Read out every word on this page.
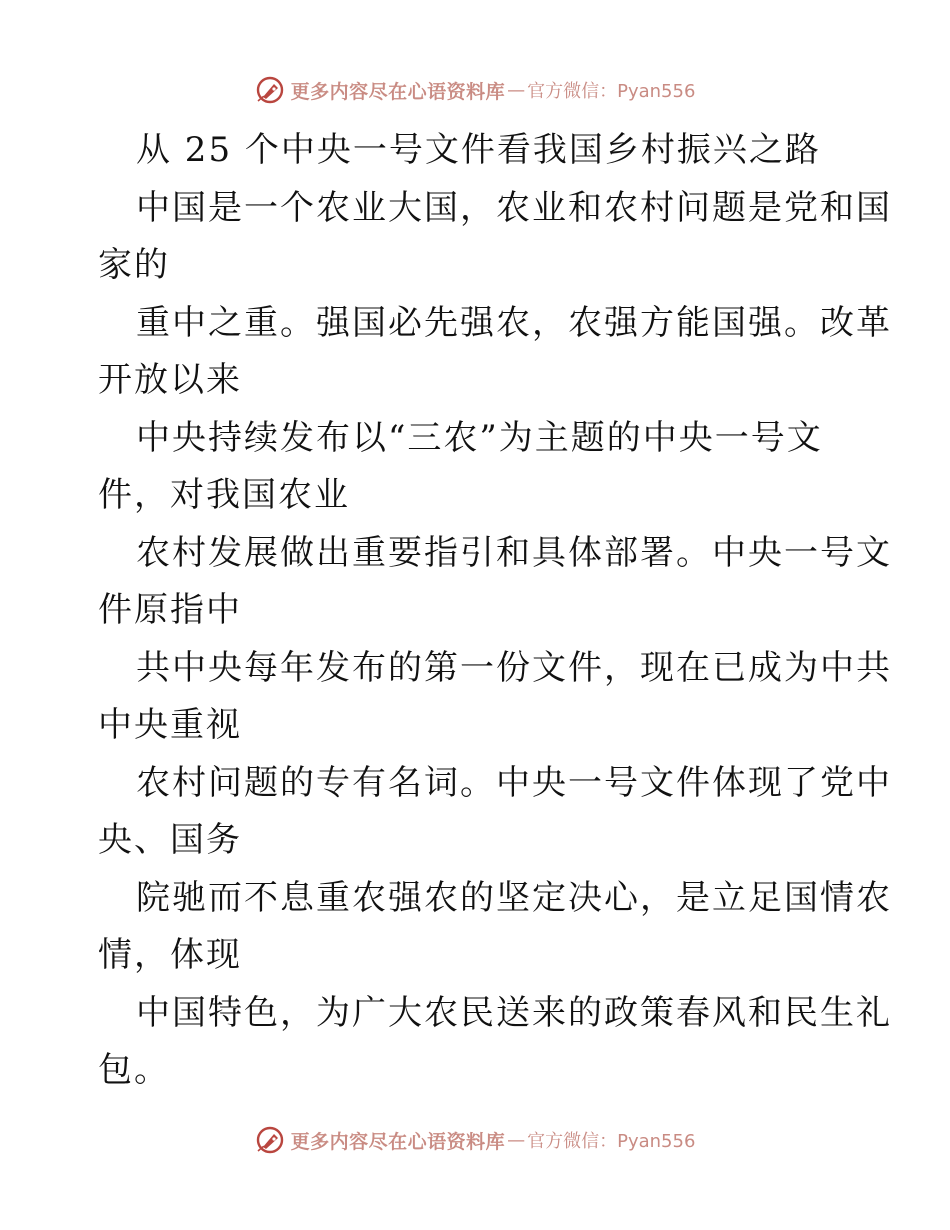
更多内容尽在心语资料库 — 官方微信：Pyan556
从 25 个中央一号文件看我国乡村振兴之路
中国是一个农业大国，农业和农村问题是党和国
家的
重中之重。强国必先强农，农强方能国强。改革
开放以来
中央持续发布以“三农”为主题的中央一号文
件，对我国农业
农村发展做出重要指引和具体部署。中央一号文
件原指中
共中央每年发布的第一份文件，现在已成为中共
中央重视
农村问题的专有名词。中央一号文件体现了党中
央、国务
院驰而不息重农强农的坚定决心，是立足国情农
情，体现
中国特色，为广大农民送来的政策春风和民生礼
包。
更多内容尽在心语资料库 — 官方微信：Pyan556
